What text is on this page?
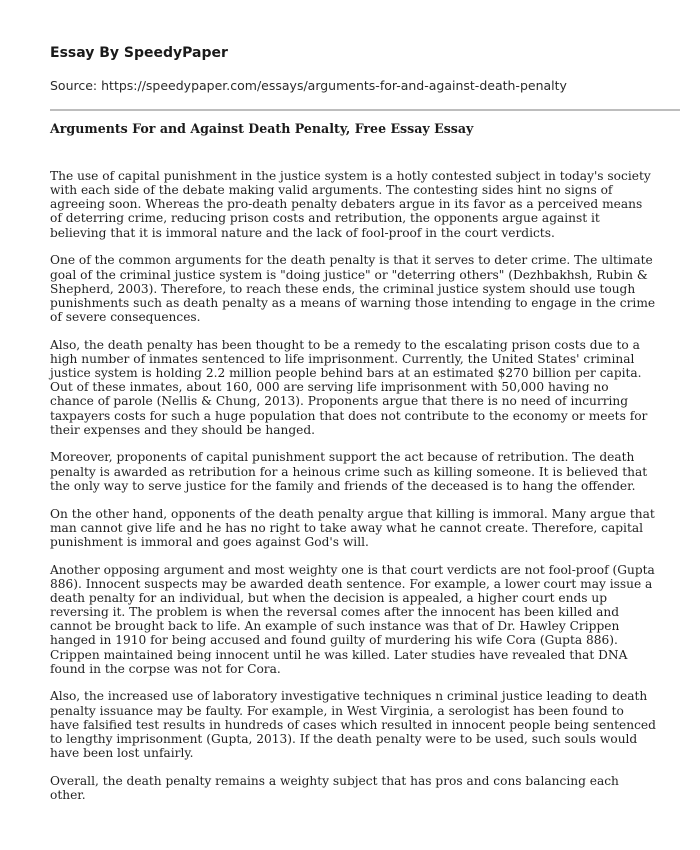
Essay By SpeedyPaper
Source: https://speedypaper.com/essays/arguments-for-and-against-death-penalty
Arguments For and Against Death Penalty, Free Essay Essay

The use of capital punishment in the justice system is a hotly contested subject in today's society with each side of the debate making valid arguments. The contesting sides hint no signs of agreeing soon. Whereas the pro-death penalty debaters argue in its favor as a perceived means of deterring crime, reducing prison costs and retribution, the opponents argue against it believing that it is immoral nature and the lack of fool-proof in the court verdicts.

One of the common arguments for the death penalty is that it serves to deter crime. The ultimate goal of the criminal justice system is "doing justice" or "deterring others" (Dezhbakhsh, Rubin & Shepherd, 2003). Therefore, to reach these ends, the criminal justice system should use tough punishments such as death penalty as a means of warning those intending to engage in the crime of severe consequences.

Also, the death penalty has been thought to be a remedy to the escalating prison costs due to a high number of inmates sentenced to life imprisonment. Currently, the United States' criminal justice system is holding 2.2 million people behind bars at an estimated $270 billion per capita. Out of these inmates, about 160, 000 are serving life imprisonment with 50,000 having no chance of parole (Nellis & Chung, 2013). Proponents argue that there is no need of incurring taxpayers costs for such a huge population that does not contribute to the economy or meets for their expenses and they should be hanged.

Moreover, proponents of capital punishment support the act because of retribution. The death penalty is awarded as retribution for a heinous crime such as killing someone. It is believed that the only way to serve justice for the family and friends of the deceased is to hang the offender.

On the other hand, opponents of the death penalty argue that killing is immoral. Many argue that man cannot give life and he has no right to take away what he cannot create. Therefore, capital punishment is immoral and goes against God's will.

Another opposing argument and most weighty one is that court verdicts are not fool-proof (Gupta 886). Innocent suspects may be awarded death sentence. For example, a lower court may issue a death penalty for an individual, but when the decision is appealed, a higher court ends up reversing it. The problem is when the reversal comes after the innocent has been killed and cannot be brought back to life. An example of such instance was that of Dr. Hawley Crippen hanged in 1910 for being accused and found guilty of murdering his wife Cora (Gupta 886). Crippen maintained being innocent until he was killed. Later studies have revealed that DNA found in the corpse was not for Cora.

Also, the increased use of laboratory investigative techniques n criminal justice leading to death penalty issuance may be faulty. For example, in West Virginia, a serologist has been found to have falsified test results in hundreds of cases which resulted in innocent people being sentenced to lengthy imprisonment (Gupta, 2013). If the death penalty were to be used, such souls would have been lost unfairly.

Overall, the death penalty remains a weighty subject that has pros and cons balancing each other.
